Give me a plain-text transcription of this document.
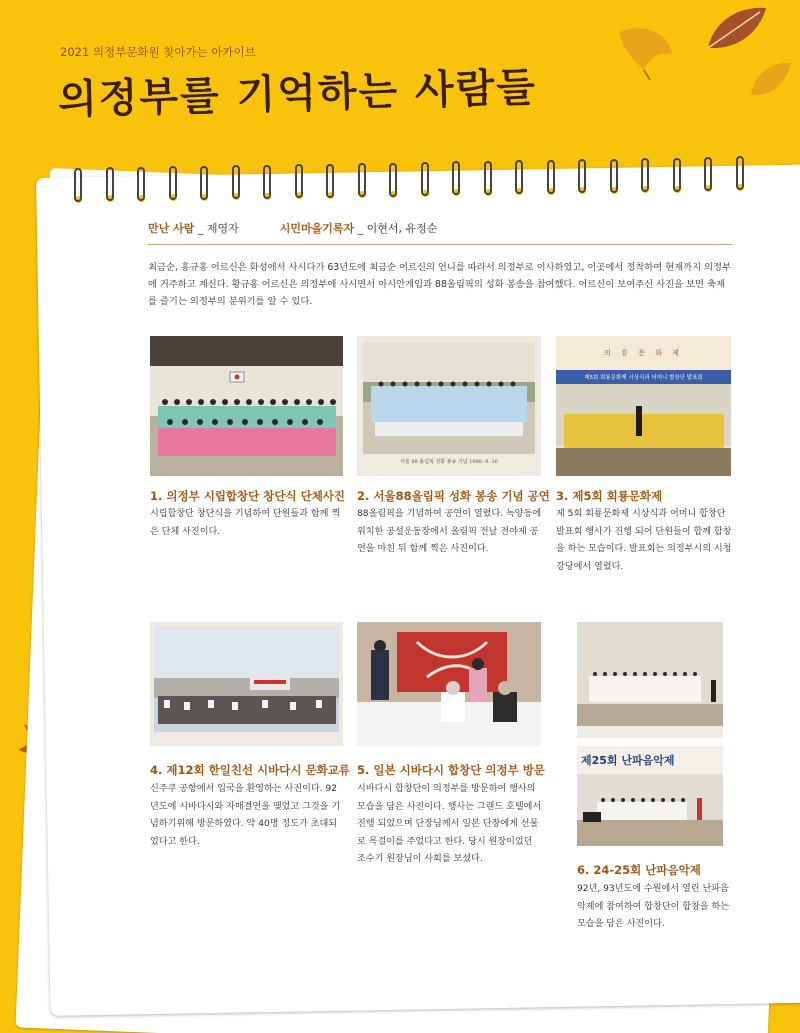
2021 의정부문화원 찾아가는 아카이브
의정부를 기억하는 사람들
만난 사람 _ 제영자	시민마을기록자 _ 이현서, 유정순
최금순, 홍규홍 어르신은 화성에서 사시다가 63년도에 최금순 어르신의 언니를 따라서 의정부로 이사하였고, 이곳에서 정착하여 현재까지 의정부에 거주하고 계신다. 황규홍 어르신은 의정부에 사시면서 아시안게임과 88올림픽의 성화 봉송을 참여했다. 어르신이 보여주신 사진을 보면 축제를 즐기는 의정부의 분위기를 알 수 있다.
서울 88 올림픽 성화 봉송 기념 1988. 9. 16
의 룡 문 화 제
제5회 회룡문화제 시상식과 어머니 합창단 발표회
제25회 난파음악제
1. 의정부 시립합창단 창단식 단체사진
시립합창단 창단식을 기념하여 단원들과 함께 찍은 단체 사진이다.
2. 서울88올림픽 성화 봉송 기념 공연
88올림픽을 기념하여 공연이 열렸다. 녹양동에 위치한 공설운동장에서 올림픽 전날 전야제 공연을 마친 뒤 함께 찍은 사진이다.
3. 제5회 회룡문화제
제 5회 회룡문화제 시상식과 어머니 합창단 발표회 행사가 진행 되어 단원들이 합께 합창을 하는 모습이다. 발표회는 의정부시의 시청 강당에서 열렸다.
4. 제12회 한일친선 시바다시 문화교류
신주쿠 공항에서 입국을 환영하는 사진이다. 92년도에 시바다시와 자매결연을 맺었고 그것을 기념하기위해 방문하였다. 약 40명 정도가 초대되었다고 한다.
5. 일본 시바다시 합창단 의정부 방문
시바다시 합창단이 의정부를 방문하여 행사의 모습을 담은 사진이다. 행사는 그랜드 호텔에서 진행 되었으며 단장님께서 일본 단장에게 선물로 목걸이를 주었다고 한다. 당시 원장이었던 조수기 원장님이 사회를 보셨다.
6. 24-25회 난파음악제
92년, 93년도에 수원에서 열린 난파음악제에 참여하여 합창단이 합창을 하는 모습을 담은 사진이다.
